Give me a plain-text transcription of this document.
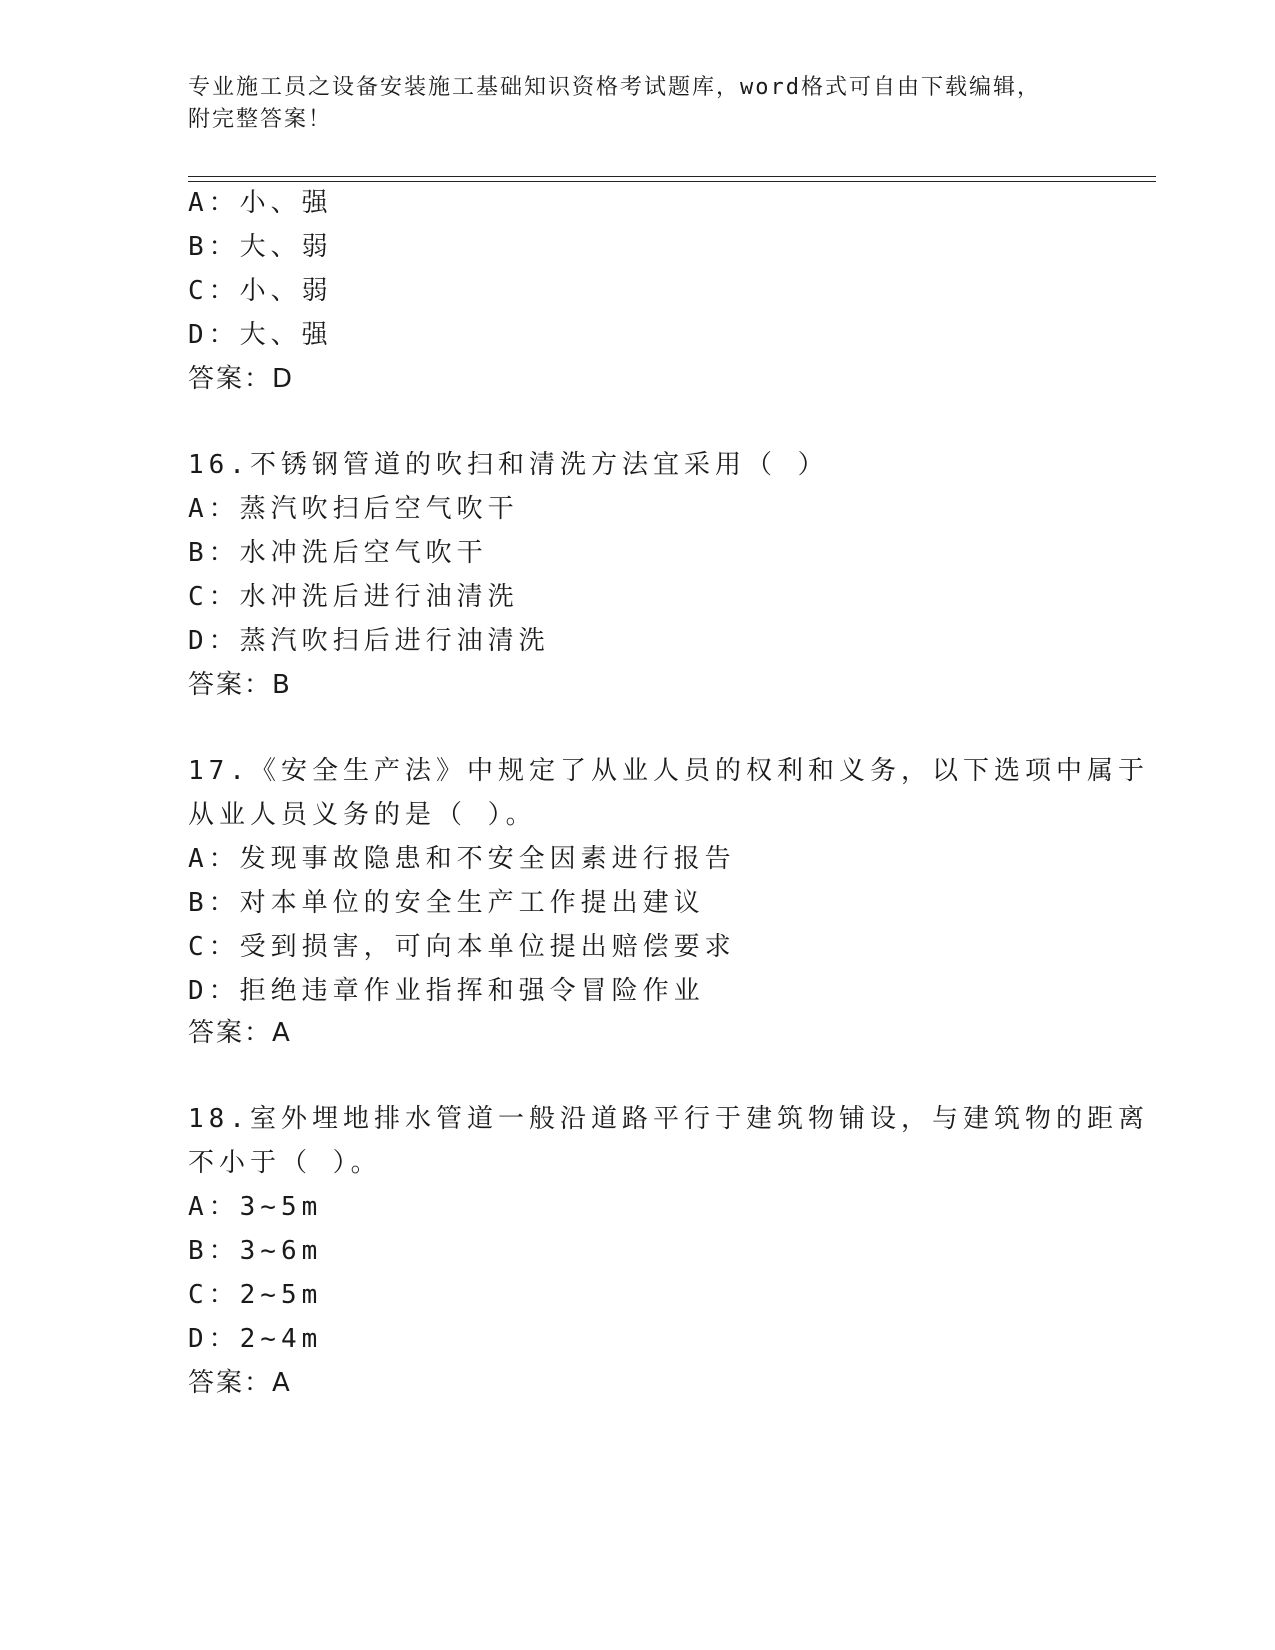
专业施工员之设备安装施工基础知识资格考试题库，word格式可自由下载编辑，
附完整答案！
A：小、强
B：大、弱
C：小、弱
D：大、强
答案：D
16.不锈钢管道的吹扫和清洗方法宜采用（ ）
A：蒸汽吹扫后空气吹干
B：水冲洗后空气吹干
C：水冲洗后进行油清洗
D：蒸汽吹扫后进行油清洗
答案：B
17.《安全生产法》中规定了从业人员的权利和义务，以下选项中属于
从业人员义务的是（ ）。
A：发现事故隐患和不安全因素进行报告
B：对本单位的安全生产工作提出建议
C：受到损害，可向本单位提出赔偿要求
D：拒绝违章作业指挥和强令冒险作业
答案：A
18.室外埋地排水管道一般沿道路平行于建筑物铺设，与建筑物的距离
不小于（ ）。
A：3~5m
B：3~6m
C：2~5m
D：2~4m
答案：A
